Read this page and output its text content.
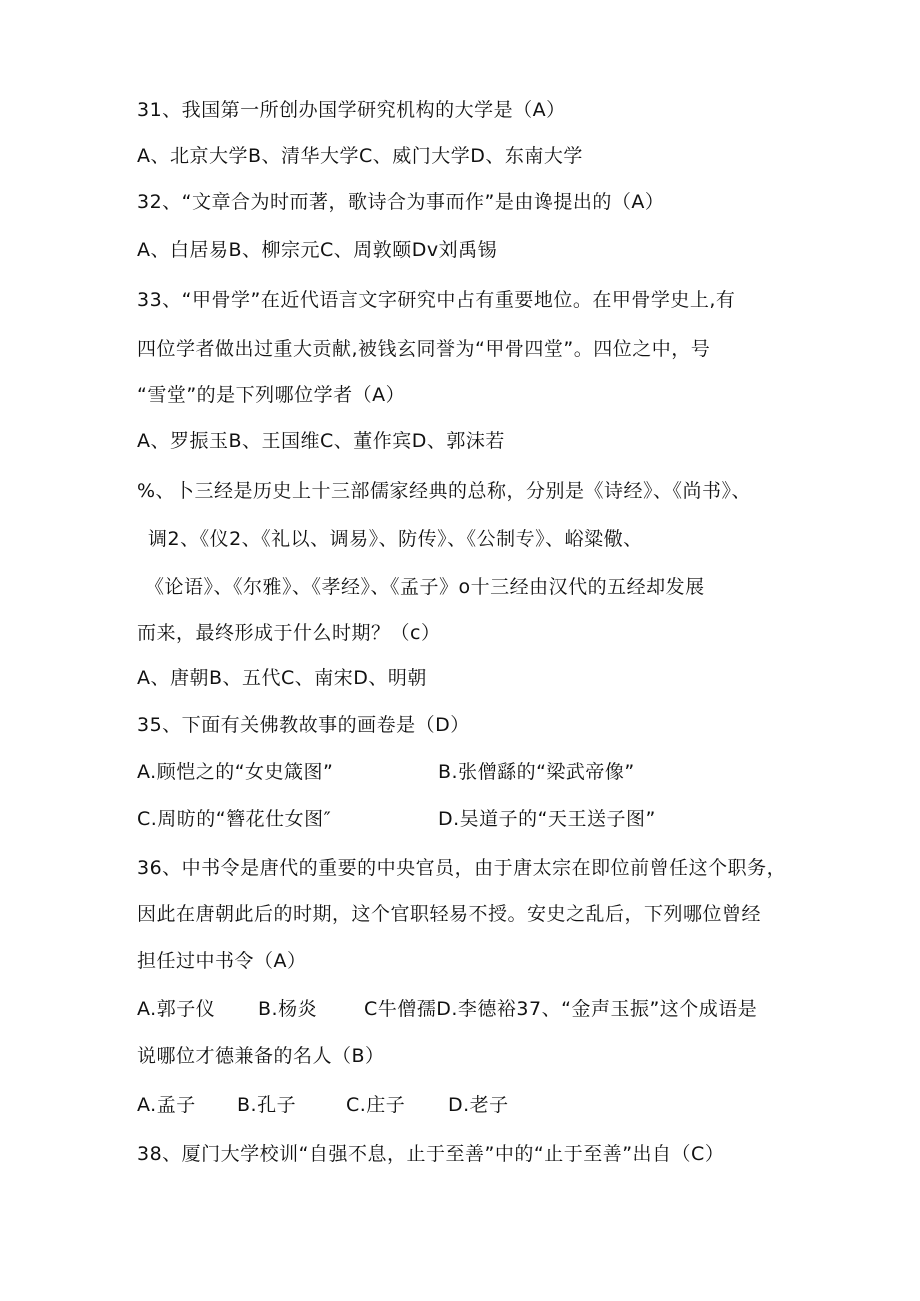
31、我国第一所创办国学研究机构的大学是（A）
A、北京大学B、清华大学C、威门大学D、东南大学
32、“文章合为时而著，歌诗合为事而作”是由谗提出的（A）
A、白居易B、柳宗元C、周敦颐Dv刘禹锡
33、“甲骨学”在近代语言文字研究中占有重要地位。在甲骨学史上,有
四位学者做出过重大贡献,被钱玄同誉为“甲骨四堂”。四位之中，号
“雪堂”的是下列哪位学者（A）
A、罗振玉B、王国维C、董作宾D、郭沫若
%、卜三经是历史上十三部儒家经典的总称，分别是《诗经》、《尚书》、
调2、《仪2、《礼以、调易》、防传》、《公制专》、峪粱儆、
《论语》、《尔雅》、《孝经》、《孟子》o十三经由汉代的五经却发展
而来，最终形成于什么时期？（c）
A、唐朝B、五代C、南宋D、明朝
35、下面有关佛教故事的画卷是（D）
A.顾恺之的“女史箴图”	B.张僧繇的“梁武帝像”
C.周昉的“簪花仕女图″	D.吴道子的“天王送子图”
36、中书令是唐代的重要的中央官员，由于唐太宗在即位前曾任这个职务，
因此在唐朝此后的时期，这个官职轻易不授。安史之乱后，下列哪位曾经
担任过中书令（A）
A.郭子仪 B.杨炎 C牛僧孺D.李德裕37、“金声玉振”这个成语是
说哪位才德兼备的名人（B）
A.孟子 B.孔子	C.庄子 D.老子
38、厦门大学校训“自强不息，止于至善”中的“止于至善”出自（C）
